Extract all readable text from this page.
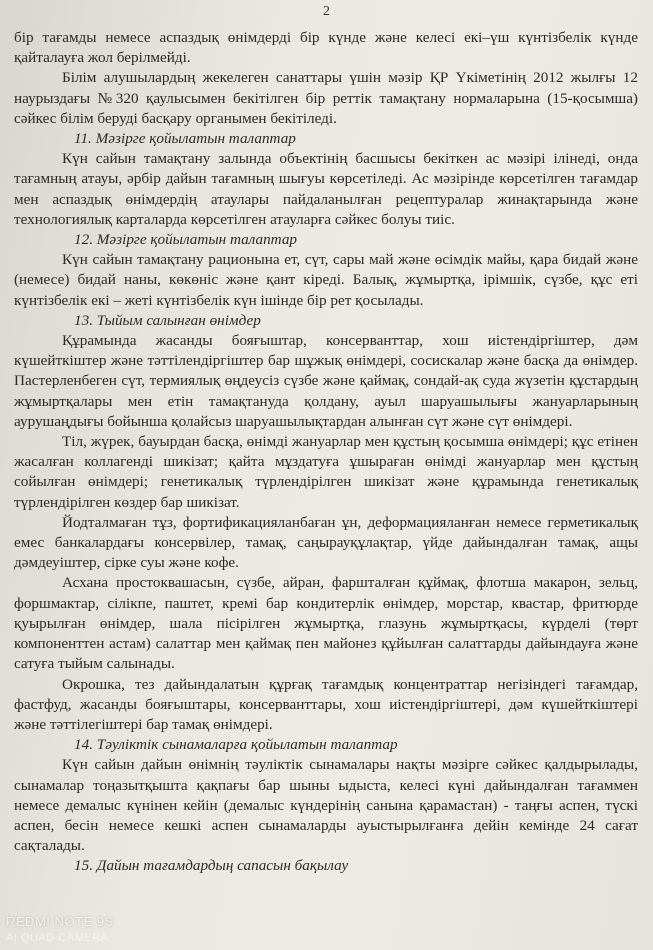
2

бір тағамды немесе аспаздық өнімдерді бір күнде және келесі екі–үш күнтізбелік күнде қайталауға жол берілмейді.

Білім алушылардың жекелеген санаттары үшін мәзір ҚР Үкіметінің 2012 жылғы 12 наурыздағы №320 қаулысымен бекітілген бір реттік тамақтану нормаларына (15-қосымша) сәйкес білім беруді басқару органымен бекітіледі.

11. Мәзірге қойылатын талаптар

Күн сайын тамақтану залында объектінің басшысы бекіткен ас мәзірі ілінеді, онда тағамның атауы, әрбір дайын тағамның шығуы көрсетіледі. Ас мәзірінде көрсетілген тағамдар мен аспаздық өнімдердің атаулары пайдаланылған рецептуралар жинақтарында және технологиялық карталарда көрсетілген атауларға сәйкес болуы тиіс.

12. Мәзірге қойылатын талаптар

Күн сайын тамақтану рационына ет, сүт, сары май және өсімдік майы, қара бидай және (немесе) бидай наны, көкөніс және қант кіреді. Балық, жұмыртқа, ірімшік, сүзбе, құс еті күнтізбелік екі – жеті күнтізбелік күн ішінде бір рет қосылады.

13. Тыйым салынған өнімдер

Құрамында жасанды бояғыштар, консерванттар, хош иістендіргіштер, дәм күшейткіштер және тәттілендіргіштер бар шұжық өнімдері, сосискалар және басқа да өнімдер. Пастерленбеген сүт, термиялық өңдеусіз сүзбе және қаймақ, сондай-ақ суда жүзетін құстардың жұмыртқалары мен етін тамақтануда қолдану, ауыл шаруашылығы жануарларының аурушаңдығы бойынша қолайсыз шаруашылықтардан алынған сүт және сүт өнімдері.

Тіл, жүрек, бауырдан басқа, өнімді жануарлар мен құстың қосымша өнімдері; құс етінен жасалған коллагенді шикізат; қайта мұздатуға ұшыраған өнімді жануарлар мен құстың сойылған өнімдері; генетикалық түрлендірілген шикізат және құрамында генетикалық түрлендірілген көздер бар шикізат.

Йодталмаған тұз, фортификацияланбаған ұн, деформацияланған немесе герметикалық емес банкалардағы консервілер, тамақ, саңырауқұлақтар, үйде дайындалған тамақ, ащы дәмдеуіштер, сірке суы және кофе.

Асхана простоквашасын, сүзбе, айран, фаршталған құймақ, флотша макарон, зельц, форшмактар, сілікпе, паштет, кремі бар кондитерлік өнімдер, морстар, квастар, фритюрде қуырылған өнімдер, шала пісірілген жұмыртқа, глазунь жұмыртқасы, күрделі (төрт компоненттен астам) салаттар мен қаймақ пен майонез құйылған салаттарды дайындауға және сатуға тыйым салынады.

Окрошка, тез дайындалатын құрғақ тағамдық концентраттар негізіндегі тағамдар, фастфуд, жасанды бояғыштары, консерванттары, хош иістендіргіштері, дәм күшейткіштері және тәттілегіштері бар тамақ өнімдері.

14. Тәуліктік сынамаларға қойылатын талаптар

Күн сайын дайын өнімнің тәуліктік сынамалары нақты мәзірге сәйкес қалдырылады, сынамалар тоңазытқышта қақпағы бар шыны ыдыста, келесі күні дайындалған тағаммен немесе демалыс күнінен кейін (демалыс күндерінің санына қарамастан) - таңғы аспен, түскі аспен, бесін немесе кешкі аспен сынамаларды ауыстырылғанға дейін кемінде 24 сағат сақталады.

15. Дайын тағамдардың сапасын бақылау

REDMI NOTE 9S
AI QUAD CAMERA
